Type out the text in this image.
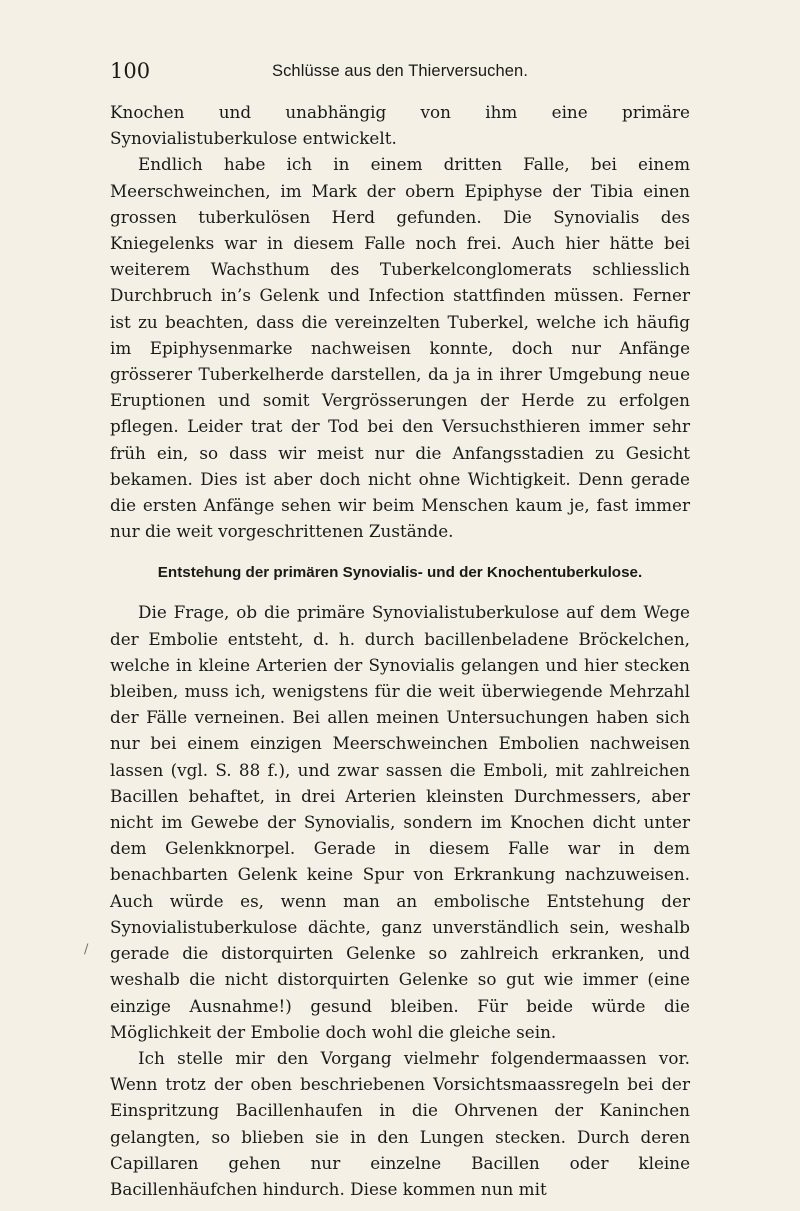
100	Schlüsse aus den Thierversuchen.
/

Knochen und unabhängig von ihm eine primäre Synovialistuberkulose entwickelt.

Endlich habe ich in einem dritten Falle, bei einem Meerschweinchen, im Mark der obern Epiphyse der Tibia einen grossen tuberkulösen Herd gefunden. Die Synovialis des Kniegelenks war in diesem Falle noch frei. Auch hier hätte bei weiterem Wachsthum des Tuberkelconglomerats schliesslich Durchbruch in’s Gelenk und Infection stattfinden müssen. Ferner ist zu beachten, dass die vereinzelten Tuberkel, welche ich häufig im Epiphysenmarke nachweisen konnte, doch nur Anfänge grösserer Tuberkelherde darstellen, da ja in ihrer Umgebung neue Eruptionen und somit Vergrösserungen der Herde zu erfolgen pflegen. Leider trat der Tod bei den Versuchsthieren immer sehr früh ein, so dass wir meist nur die Anfangsstadien zu Gesicht bekamen. Dies ist aber doch nicht ohne Wichtigkeit. Denn gerade die ersten Anfänge sehen wir beim Menschen kaum je, fast immer nur die weit vorgeschrittenen Zustände.

Entstehung der primären Synovialis- und der Knochentuberkulose.

Die Frage, ob die primäre Synovialistuberkulose auf dem Wege der Embolie entsteht, d. h. durch bacillenbeladene Bröckelchen, welche in kleine Arterien der Synovialis gelangen und hier stecken bleiben, muss ich, wenigstens für die weit überwiegende Mehrzahl der Fälle verneinen. Bei allen meinen Untersuchungen haben sich nur bei einem einzigen Meerschweinchen Embolien nachweisen lassen (vgl. S. 88 f.), und zwar sassen die Emboli, mit zahlreichen Bacillen behaftet, in drei Arterien kleinsten Durchmessers, aber nicht im Gewebe der Synovialis, sondern im Knochen dicht unter dem Gelenkknorpel. Gerade in diesem Falle war in dem benachbarten Gelenk keine Spur von Erkrankung nachzuweisen. Auch würde es, wenn man an embolische Entstehung der Synovialistuberkulose dächte, ganz unverständlich sein, weshalb gerade die distorquirten Gelenke so zahlreich erkranken, und weshalb die nicht distorquirten Gelenke so gut wie immer (eine einzige Ausnahme!) gesund bleiben. Für beide würde die Möglichkeit der Embolie doch wohl die gleiche sein.

Ich stelle mir den Vorgang vielmehr folgendermaassen vor. Wenn trotz der oben beschriebenen Vorsichtsmaassregeln bei der Einspritzung Bacillenhaufen in die Ohrvenen der Kaninchen gelangten, so blieben sie in den Lungen stecken. Durch deren Capillaren gehen nur einzelne Bacillen oder kleine Bacillenhäufchen hindurch. Diese kommen nun mit
